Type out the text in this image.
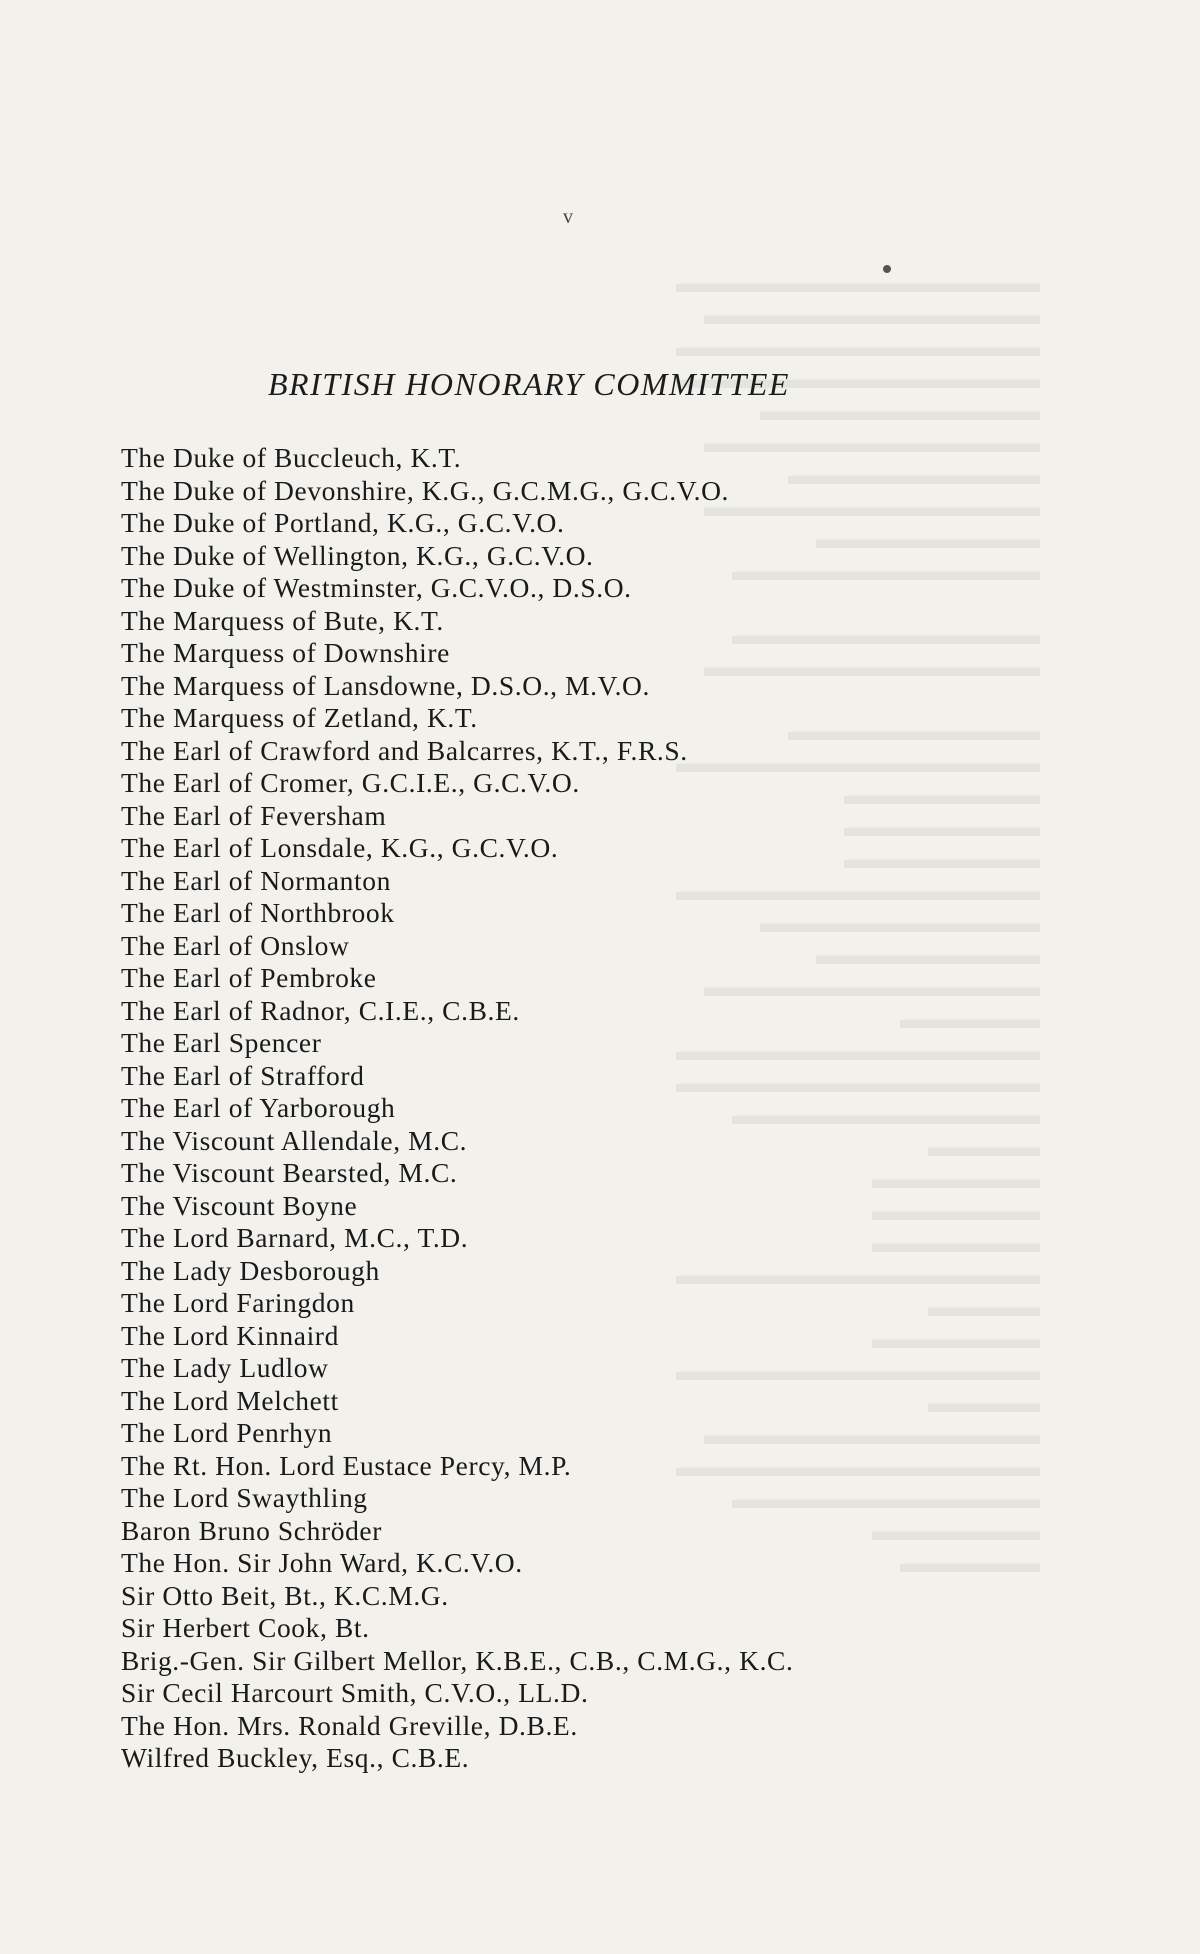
▬▬▬▬▬▬▬▬▬▬▬▬▬
▬▬▬▬▬▬▬▬▬▬▬▬
▬▬▬▬▬▬▬▬▬▬▬▬▬
▬▬▬▬▬▬▬▬▬▬▬▬▬
▬▬▬▬▬▬▬▬▬▬
▬▬▬▬▬▬▬▬▬▬▬▬
▬▬▬▬▬▬▬▬▬
▬▬▬▬▬▬▬▬▬▬▬▬
▬▬▬▬▬▬▬▬
▬▬▬▬▬▬▬▬▬▬▬

▬▬▬▬▬▬▬▬▬▬▬
▬▬▬▬▬▬▬▬▬▬▬▬

▬▬▬▬▬▬▬▬▬
▬▬▬▬▬▬▬▬▬▬▬▬▬
▬▬▬▬▬▬▬
▬▬▬▬▬▬▬
▬▬▬▬▬▬▬
▬▬▬▬▬▬▬▬▬▬▬▬▬
▬▬▬▬▬▬▬▬▬▬
▬▬▬▬▬▬▬▬
▬▬▬▬▬▬▬▬▬▬▬▬
▬▬▬▬▬
▬▬▬▬▬▬▬▬▬▬▬▬▬
▬▬▬▬▬▬▬▬▬▬▬▬▬
▬▬▬▬▬▬▬▬▬▬▬
▬▬▬▬
▬▬▬▬▬▬
▬▬▬▬▬▬
▬▬▬▬▬▬
▬▬▬▬▬▬▬▬▬▬▬▬▬
▬▬▬▬
▬▬▬▬▬▬
▬▬▬▬▬▬▬▬▬▬▬▬▬
▬▬▬▬
▬▬▬▬▬▬▬▬▬▬▬▬
▬▬▬▬▬▬▬▬▬▬▬▬▬
▬▬▬▬▬▬▬▬▬▬▬
▬▬▬▬▬▬
▬▬▬▬▬
v
BRITISH HONORARY COMMITTEE
The Duke of Buccleuch, K.T.
The Duke of Devonshire, K.G., G.C.M.G., G.C.V.O.
The Duke of Portland, K.G., G.C.V.O.
The Duke of Wellington, K.G., G.C.V.O.
The Duke of Westminster, G.C.V.O., D.S.O.
The Marquess of Bute, K.T.
The Marquess of Downshire
The Marquess of Lansdowne, D.S.O., M.V.O.
The Marquess of Zetland, K.T.
The Earl of Crawford and Balcarres, K.T., F.R.S.
The Earl of Cromer, G.C.I.E., G.C.V.O.
The Earl of Feversham
The Earl of Lonsdale, K.G., G.C.V.O.
The Earl of Normanton
The Earl of Northbrook
The Earl of Onslow
The Earl of Pembroke
The Earl of Radnor, C.I.E., C.B.E.
The Earl Spencer
The Earl of Strafford
The Earl of Yarborough
The Viscount Allendale, M.C.
The Viscount Bearsted, M.C.
The Viscount Boyne
The Lord Barnard, M.C., T.D.
The Lady Desborough
The Lord Faringdon
The Lord Kinnaird
The Lady Ludlow
The Lord Melchett
The Lord Penrhyn
The Rt. Hon. Lord Eustace Percy, M.P.
The Lord Swaythling
Baron Bruno Schröder
The Hon. Sir John Ward, K.C.V.O.
Sir Otto Beit, Bt., K.C.M.G.
Sir Herbert Cook, Bt.
Brig.-Gen. Sir Gilbert Mellor, K.B.E., C.B., C.M.G., K.C.
Sir Cecil Harcourt Smith, C.V.O., LL.D.
The Hon. Mrs. Ronald Greville, D.B.E.
Wilfred Buckley, Esq., C.B.E.
